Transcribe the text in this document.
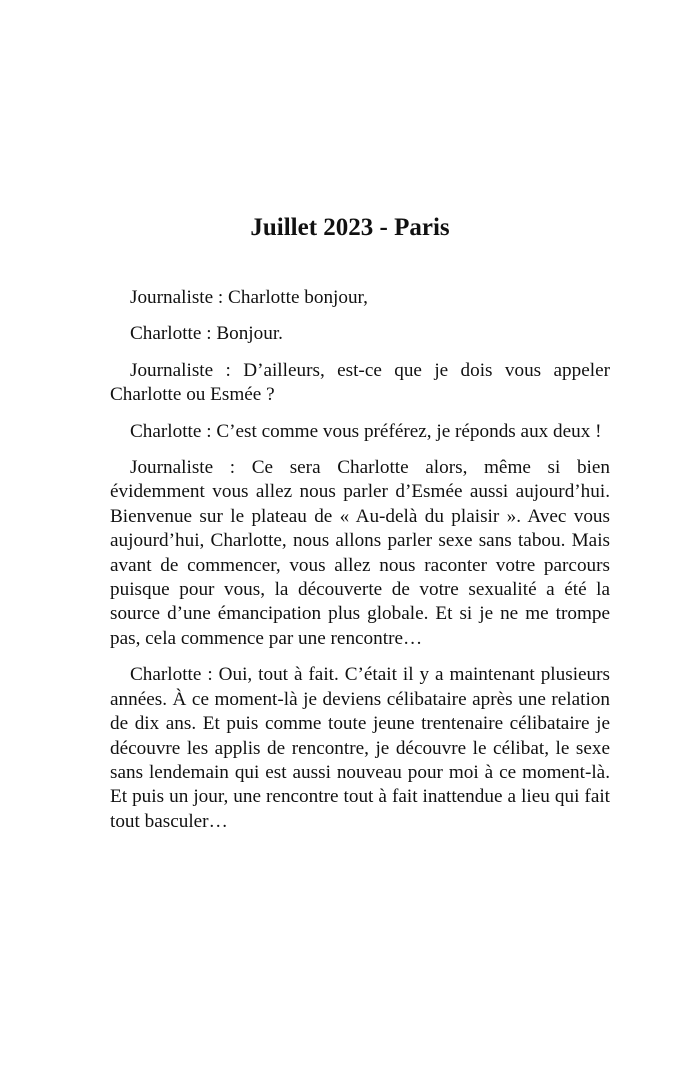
Juillet 2023 - Paris

Journaliste : Charlotte bonjour,

Charlotte : Bonjour.

Journaliste : D’ailleurs, est-ce que je dois vous appeler Charlotte ou Esmée ?

Charlotte : C’est comme vous préférez, je réponds aux deux !

Journaliste : Ce sera Charlotte alors, même si bien évidemment vous allez nous parler d’Esmée aussi aujourd’hui. Bienvenue sur le plateau de « Au-delà du plaisir ». Avec vous aujourd’hui, Charlotte, nous allons parler sexe sans tabou. Mais avant de commencer, vous allez nous raconter votre parcours puisque pour vous, la découverte de votre sexualité a été la source d’une émancipation plus globale. Et si je ne me trompe pas, cela commence par une rencontre…

Charlotte : Oui, tout à fait. C’était il y a maintenant plusieurs années. À ce moment-là je deviens célibataire après une relation de dix ans. Et puis comme toute jeune trentenaire célibataire je découvre les applis de rencontre, je découvre le célibat, le sexe sans lendemain qui est aussi nouveau pour moi à ce moment-là. Et puis un jour, une rencontre tout à fait inattendue a lieu qui fait tout basculer…
